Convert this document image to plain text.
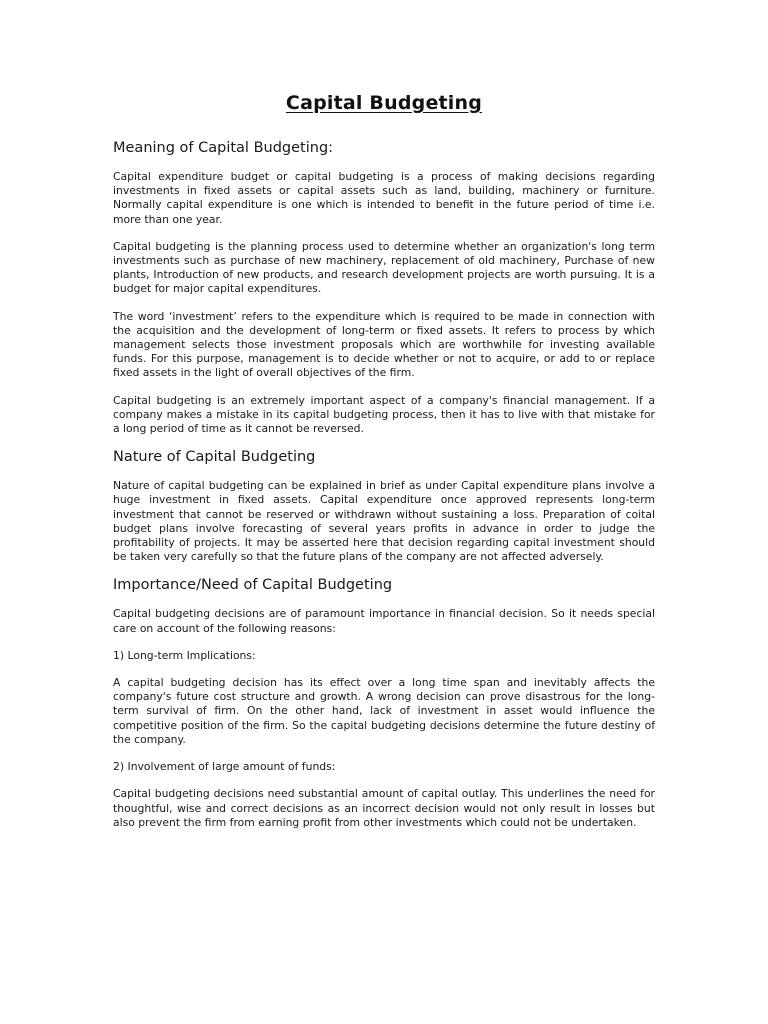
Capital Budgeting
Meaning of Capital Budgeting:

Capital expenditure budget or capital budgeting is a process of making decisions regarding investments in fixed assets or capital assets such as land, building, machinery or furniture. Normally capital expenditure is one which is intended to benefit in the future period of time i.e. more than one year.

Capital budgeting is the planning process used to determine whether an organization's long term investments such as purchase of new machinery, replacement of old machinery, Purchase of new plants, Introduction of new products, and research development projects are worth pursuing. It is a budget for major capital expenditures.

The word ‘investment’ refers to the expenditure which is required to be made in connection with the acquisition and the development of long-term or fixed assets. It refers to process by which management selects those investment proposals which are worthwhile for investing available funds. For this purpose, management is to decide whether or not to acquire, or add to or replace fixed assets in the light of overall objectives of the firm.

Capital budgeting is an extremely important aspect of a company's financial management. If a company makes a mistake in its capital budgeting process, then it has to live with that mistake for a long period of time as it cannot be reversed.

Nature of Capital Budgeting

Nature of capital budgeting can be explained in brief as under Capital expenditure plans involve a huge investment in fixed assets. Capital expenditure once approved represents long-term investment that cannot be reserved or withdrawn without sustaining a loss. Preparation of coital budget plans involve forecasting of several years profits in advance in order to judge the profitability of projects. It may be asserted here that decision regarding capital investment should be taken very carefully so that the future plans of the company are not affected adversely.

Importance/Need of Capital Budgeting

Capital budgeting decisions are of paramount importance in financial decision. So it needs special care on account of the following reasons:

1) Long-term Implications:

A capital budgeting decision has its effect over a long time span and inevitably affects the company's future cost structure and growth. A wrong decision can prove disastrous for the long-term survival of firm. On the other hand, lack of investment in asset would influence the competitive position of the firm. So the capital budgeting decisions determine the future destiny of the company.

2) Involvement of large amount of funds:

Capital budgeting decisions need substantial amount of capital outlay. This underlines the need for thoughtful, wise and correct decisions as an incorrect decision would not only result in losses but also prevent the firm from earning profit from other investments which could not be undertaken.
